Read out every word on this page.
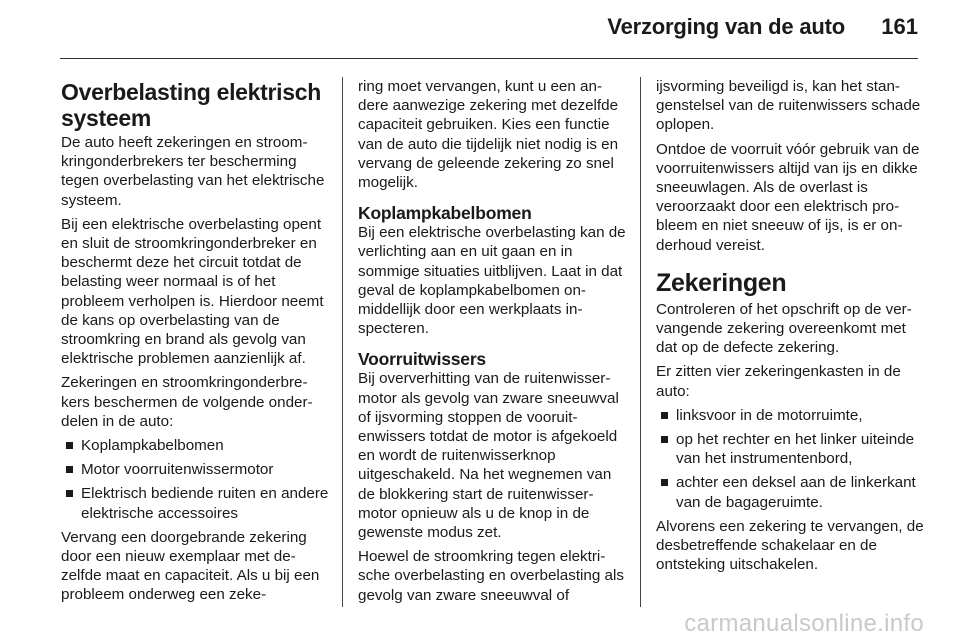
Verzorging van de auto 161
Overbelasting elektrisch systeem

De auto heeft zekeringen en stroomkringonderbrekers ter bescherming tegen overbelasting van het elektrische systeem.

Bij een elektrische overbelasting opent en sluit de stroomkringonderbreker en beschermt deze het circuit totdat de belasting weer normaal is of het probleem verholpen is. Hierdoor neemt de kans op overbelasting van de stroomkring en brand als gevolg van elektrische problemen aanzienlijk af.

Zekeringen en stroomkringonderbrekers beschermen de volgende onderdelen in de auto:

Koplampkabelbomen
Motor voorruitenwissermotor
Elektrisch bediende ruiten en andere elektrische accessoires

Vervang een doorgebrande zekering door een nieuw exemplaar met dezelfde maat en capaciteit. Als u bij een probleem onderweg een zeke-

ring moet vervangen, kunt u een andere aanwezige zekering met dezelfde capaciteit gebruiken. Kies een functie van de auto die tijdelijk niet nodig is en vervang de geleende zekering zo snel mogelijk.

Koplampkabelbomen

Bij een elektrische overbelasting kan de verlichting aan en uit gaan en in sommige situaties uitblijven. Laat in dat geval de koplampkabelbomen onmiddellijk door een werkplaats inspecteren.

Voorruitwissers

Bij oververhitting van de ruitenwissermotor als gevolg van zware sneeuwval of ijsvorming stoppen de vooruitenwissers totdat de motor is afgekoeld en wordt de ruitenwisserknop uitgeschakeld. Na het wegnemen van de blokkering start de ruitenwissermotor opnieuw als u de knop in de gewenste modus zet.

Hoewel de stroomkring tegen elektrische overbelasting en overbelasting als gevolg van zware sneeuwval of

ijsvorming beveiligd is, kan het stangenstelsel van de ruitenwissers schade oplopen.

Ontdoe de voorruit vóór gebruik van de voorruitenwissers altijd van ijs en dikke sneeuwlagen. Als de overlast is veroorzaakt door een elektrisch probleem en niet sneeuw of ijs, is er onderhoud vereist.

Zekeringen

Controleren of het opschrift op de vervangende zekering overeenkomt met dat op de defecte zekering.

Er zitten vier zekeringenkasten in de auto:

linksvoor in de motorruimte,
op het rechter en het linker uiteinde van het instrumentenbord,
achter een deksel aan de linkerkant van de bagageruimte.

Alvorens een zekering te vervangen, de desbetreffende schakelaar en de ontsteking uitschakelen.

carmanualsonline.info
